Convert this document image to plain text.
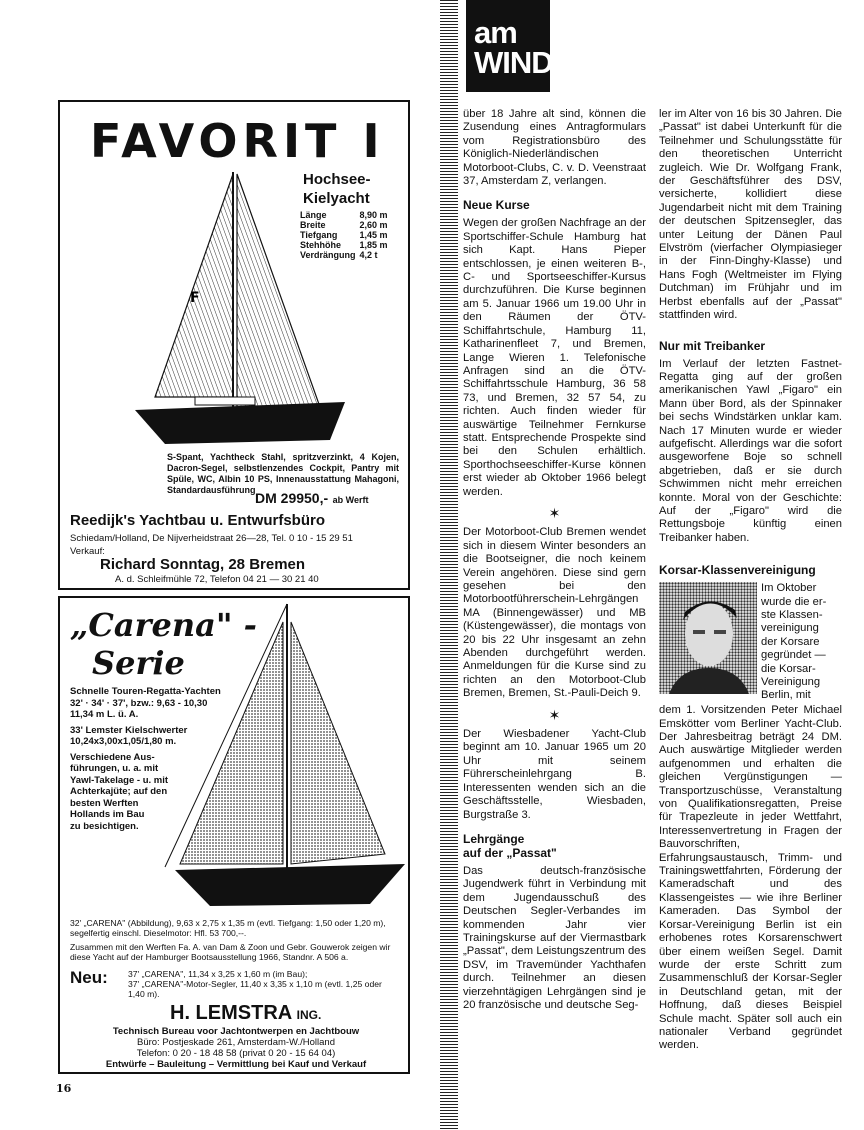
FAVORIT I
Hochsee-
Kielyacht
Länge	8,90 m
Breite	2,60 m
Tiefgang	1,45 m
Stehhöhe	1,85 m
Verdrängung	4,2 t
F
S-Spant, Yachtheck Stahl, spritzverzinkt, 4 Kojen, Dacron-Segel, selbstlenzendes Cockpit, Pantry mit Spüle, WC, Albin 10 PS, Innenausstattung Mahagoni, Standardausführung DM 29950,- ab Werft
Reedijk's Yachtbau u. Entwurfsbüro
Schiedam/Holland, De Nijverheidstraat 26—28, Tel. 0 10 - 15 29 51
Verkauf:
Richard Sonntag, 28 Bremen
A. d. Schleifmühle 72, Telefon 04 21 — 30 21 40
„Carena" -
Serie
Schnelle Touren-Regatta-Yachten
32' · 34' · 37', bzw.: 9,63 - 10,30
11,34 m L. ü. A.
33' Lemster Kielschwerter
10,24x3,00x1,05/1,80 m.
Verschiedene Aus-
führungen, u. a. mit
Yawl-Takelage - u. mit
Achterkajüte; auf den
besten Werften
Hollands im Bau
zu besichtigen.
32' „CARENA" (Abbildung), 9,63 x 2,75 x 1,35 m (evtl. Tiefgang: 1,50 oder 1,20 m), segelfertig einschl. Dieselmotor: Hfl. 53 700,--.
Zusammen mit den Werften Fa. A. van Dam & Zoon und Gebr. Gouwerok zeigen wir diese Yacht auf der Hamburger Bootsausstellung 1966, Standnr. A 506 a.
Neu: 37' „CARENA", 11,34 x 3,25 x 1,60 m (im Bau);
37' „CARENA"-Motor-Segler, 11,40 x 3,35 x 1,10 m (evtl. 1,25 oder 1,40 m).
H. LEMSTRA ING.
Technisch Bureau voor Jachtontwerpen en Jachtbouw
Büro: Postjeskade 261, Amsterdam-W./Holland
Telefon: 0 20 - 18 48 58 (privat 0 20 - 15 64 04)
Entwürfe – Bauleitung – Vermittlung bei Kauf und Verkauf
16
am
WIND

über 18 Jahre alt sind, können die Zusendung eines Antragformulars vom Registrationsbüro des Königlich-Niederländischen Motorboot-Clubs, C. v. D. Veenstraat 37, Amsterdam Z, verlangen.

Neue Kurse

Wegen der großen Nachfrage an der Sportschiffer-Schule Hamburg hat sich Kapt. Hans Pieper entschlossen, je einen weiteren B-, C- und Sportseeschiffer-Kursus durchzuführen. Die Kurse beginnen am 5. Januar 1966 um 19.00 Uhr in den Räumen der ÖTV-Schiffahrtschule, Hamburg 11, Katharinenfleet 7, und Bremen, Lange Wieren 1. Telefonische Anfragen sind an die ÖTV-Schiffahrtsschule Hamburg, 36 58 73, und Bremen, 32 57 54, zu richten. Auch finden wieder für auswärtige Teilnehmer Fernkurse statt. Entsprechende Prospekte sind bei den Schulen erhältlich. Sporthochseeschiffer-Kurse können erst wieder ab Oktober 1966 belegt werden.

✶

Der Motorboot-Club Bremen wendet sich in diesem Winter besonders an die Bootseigner, die noch keinem Verein angehören. Diese sind gern gesehen bei den Motorbootführerschein-Lehrgängen MA (Binnengewässer) und MB (Küstengewässer), die montags von 20 bis 22 Uhr insgesamt an zehn Abenden durchgeführt werden. Anmeldungen für die Kurse sind zu richten an den Motorboot-Club Bremen, Bremen, St.-Pauli-Deich 9.

✶

Der Wiesbadener Yacht-Club beginnt am 10. Januar 1965 um 20 Uhr mit seinem Führerscheinlehrgang B. Interessenten wenden sich an die Geschäftsstelle, Wiesbaden, Burgstraße 3.

Lehrgänge
auf der „Passat"

Das deutsch-französische Jugendwerk führt in Verbindung mit dem Jugendausschuß des Deutschen Segler-Verbandes im kommenden Jahr vier Trainingskurse auf der Viermastbark „Passat", dem Leistungszentrum des DSV, im Travemünder Yachthafen durch. Teilnehmer an diesen vierzehntägigen Lehrgängen sind je 20 französische und deutsche Seg-

ler im Alter von 16 bis 30 Jahren. Die „Passat" ist dabei Unterkunft für die Teilnehmer und Schulungsstätte für den theoretischen Unterricht zugleich. Wie Dr. Wolfgang Frank, der Geschäftsführer des DSV, versicherte, kollidiert diese Jugendarbeit nicht mit dem Training der deutschen Spitzensegler, das unter Leitung der Dänen Paul Elvström (vierfacher Olympiasieger in der Finn-Dinghy-Klasse) und Hans Fogh (Weltmeister im Flying Dutchman) im Frühjahr und im Herbst ebenfalls auf der „Passat" stattfinden wird.

Nur mit Treibanker

Im Verlauf der letzten Fastnet-Regatta ging auf der großen amerikanischen Yawl „Figaro" ein Mann über Bord, als der Spinnaker bei sechs Windstärken unklar kam. Nach 17 Minuten wurde er wieder aufgefischt. Allerdings war die sofort ausgeworfene Boje so schnell abgetrieben, daß er sie durch Schwimmen nicht mehr erreichen konnte. Moral von der Geschichte: Auf der „Figaro" wird die Rettungsboje künftig einen Treibanker haben.

Korsar-Klassenvereinigung
Im Oktober
wurde die er-
ste Klassen-
vereinigung
der Korsare
gegründet —
die Korsar-
Vereinigung
Berlin, mit

dem 1. Vorsitzenden Peter Michael Emskötter vom Berliner Yacht-Club. Der Jahresbeitrag beträgt 24 DM. Auch auswärtige Mitglieder werden aufgenommen und erhalten die gleichen Vergünstigungen — Transportzuschüsse, Veranstaltung von Qualifikationsregatten, Preise für Trapezleute in jeder Wettfahrt, Interessenvertretung in Fragen der Bauvorschriften, Erfahrungsaustausch, Trimm- und Trainingswettfahrten, Förderung der Kameradschaft und des Klassengeistes — wie ihre Berliner Kameraden. Das Symbol der Korsar-Vereinigung Berlin ist ein erhobenes rotes Korsarenschwert über einem weißen Segel. Damit wurde der erste Schritt zum Zusammenschluß der Korsar-Segler in Deutschland getan, mit der Hoffnung, daß dieses Beispiel Schule macht. Später soll auch ein nationaler Verband gegründet werden.
